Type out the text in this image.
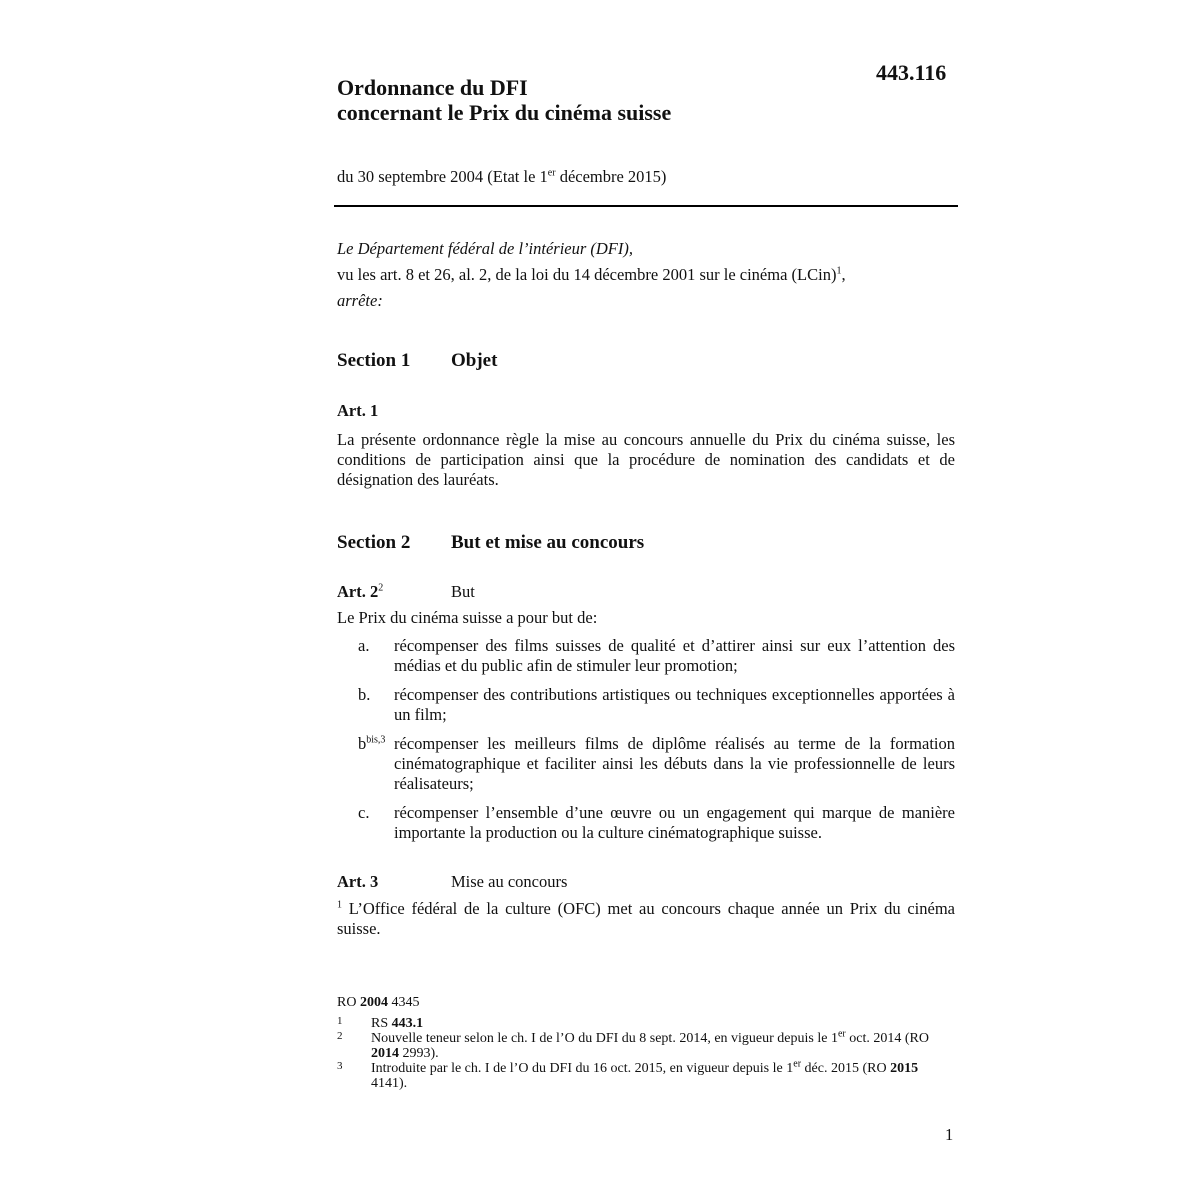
443.116
Ordonnance du DFI
concernant le Prix du cinéma suisse
du 30 septembre 2004 (Etat le 1er décembre 2015)
Le Département fédéral de l’intérieur (DFI),
vu les art. 8 et 26, al. 2, de la loi du 14 décembre 2001 sur le cinéma (LCin)$^1$,
arrête:
Section 1 Objet
Art. 1
La présente ordonnance règle la mise au concours annuelle du Prix du cinéma suisse, les conditions de participation ainsi que la procédure de nomination des candidats et de désignation des lauréats.
Section 2 But et mise au concours
Art. $2^2$	But
Le Prix du cinéma suisse a pour but de:
a. récompenser des films suisses de qualité et d’attirer ainsi sur eux l’attention des médias et du public afin de stimuler leur promotion;
b. récompenser des contributions artistiques ou techniques exceptionnelles apportées à un film;
$b^{bis,3}$ récompenser les meilleurs films de diplôme réalisés au terme de la formation cinématographique et faciliter ainsi les débuts dans la vie professionnelle de leurs réalisateurs;
c. récompenser l’ensemble d’une œuvre ou un engagement qui marque de manière importante la production ou la culture cinématographique suisse.
Art. 3	Mise au concours
$^1$ L’Office fédéral de la culture (OFC) met au concours chaque année un Prix du cinéma suisse.
RO 2004 4345
1 RS 443.1
2 Nouvelle teneur selon le ch. I de l’O du DFI du 8 sept. 2014, en vigueur depuis le 1er oct. 2014 (RO 2014 2993).
3 Introduite par le ch. I de l’O du DFI du 16 oct. 2015, en vigueur depuis le 1er déc. 2015 (RO 2015 4141).
1
